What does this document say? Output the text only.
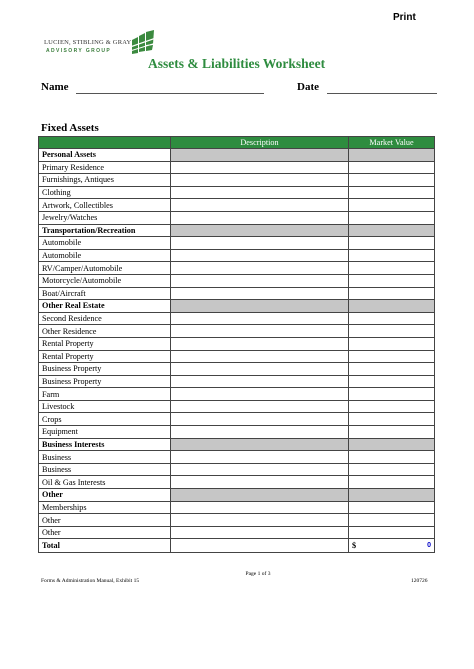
Print
LUCIEN, STIBLING & GRAY
ADVISORY GROUP
Assets & Liabilities Worksheet
Name	Date
Fixed Assets
	Description	Market Value
Personal Assets		
Primary Residence		
Furnishings, Antiques		
Clothing		
Artwork, Collectibles		
Jewelry/Watches		
Transportation/Recreation		
Automobile		
Automobile		
RV/Camper/Automobile		
Motorcycle/Automobile		
Boat/Aircraft		
Other Real Estate		
Second Residence		
Other Residence		
Rental Property		
Rental Property		
Business Property		
Business Property		
Farm		
Livestock		
Crops		
Equipment		
Business Interests		
Business		
Business		
Oil & Gas Interests		
Other		
Memberships		
Other		
Other		
Total		$ 0
Page 1 of 3
Forms & Administration Manual, Exhibit 15	120726
